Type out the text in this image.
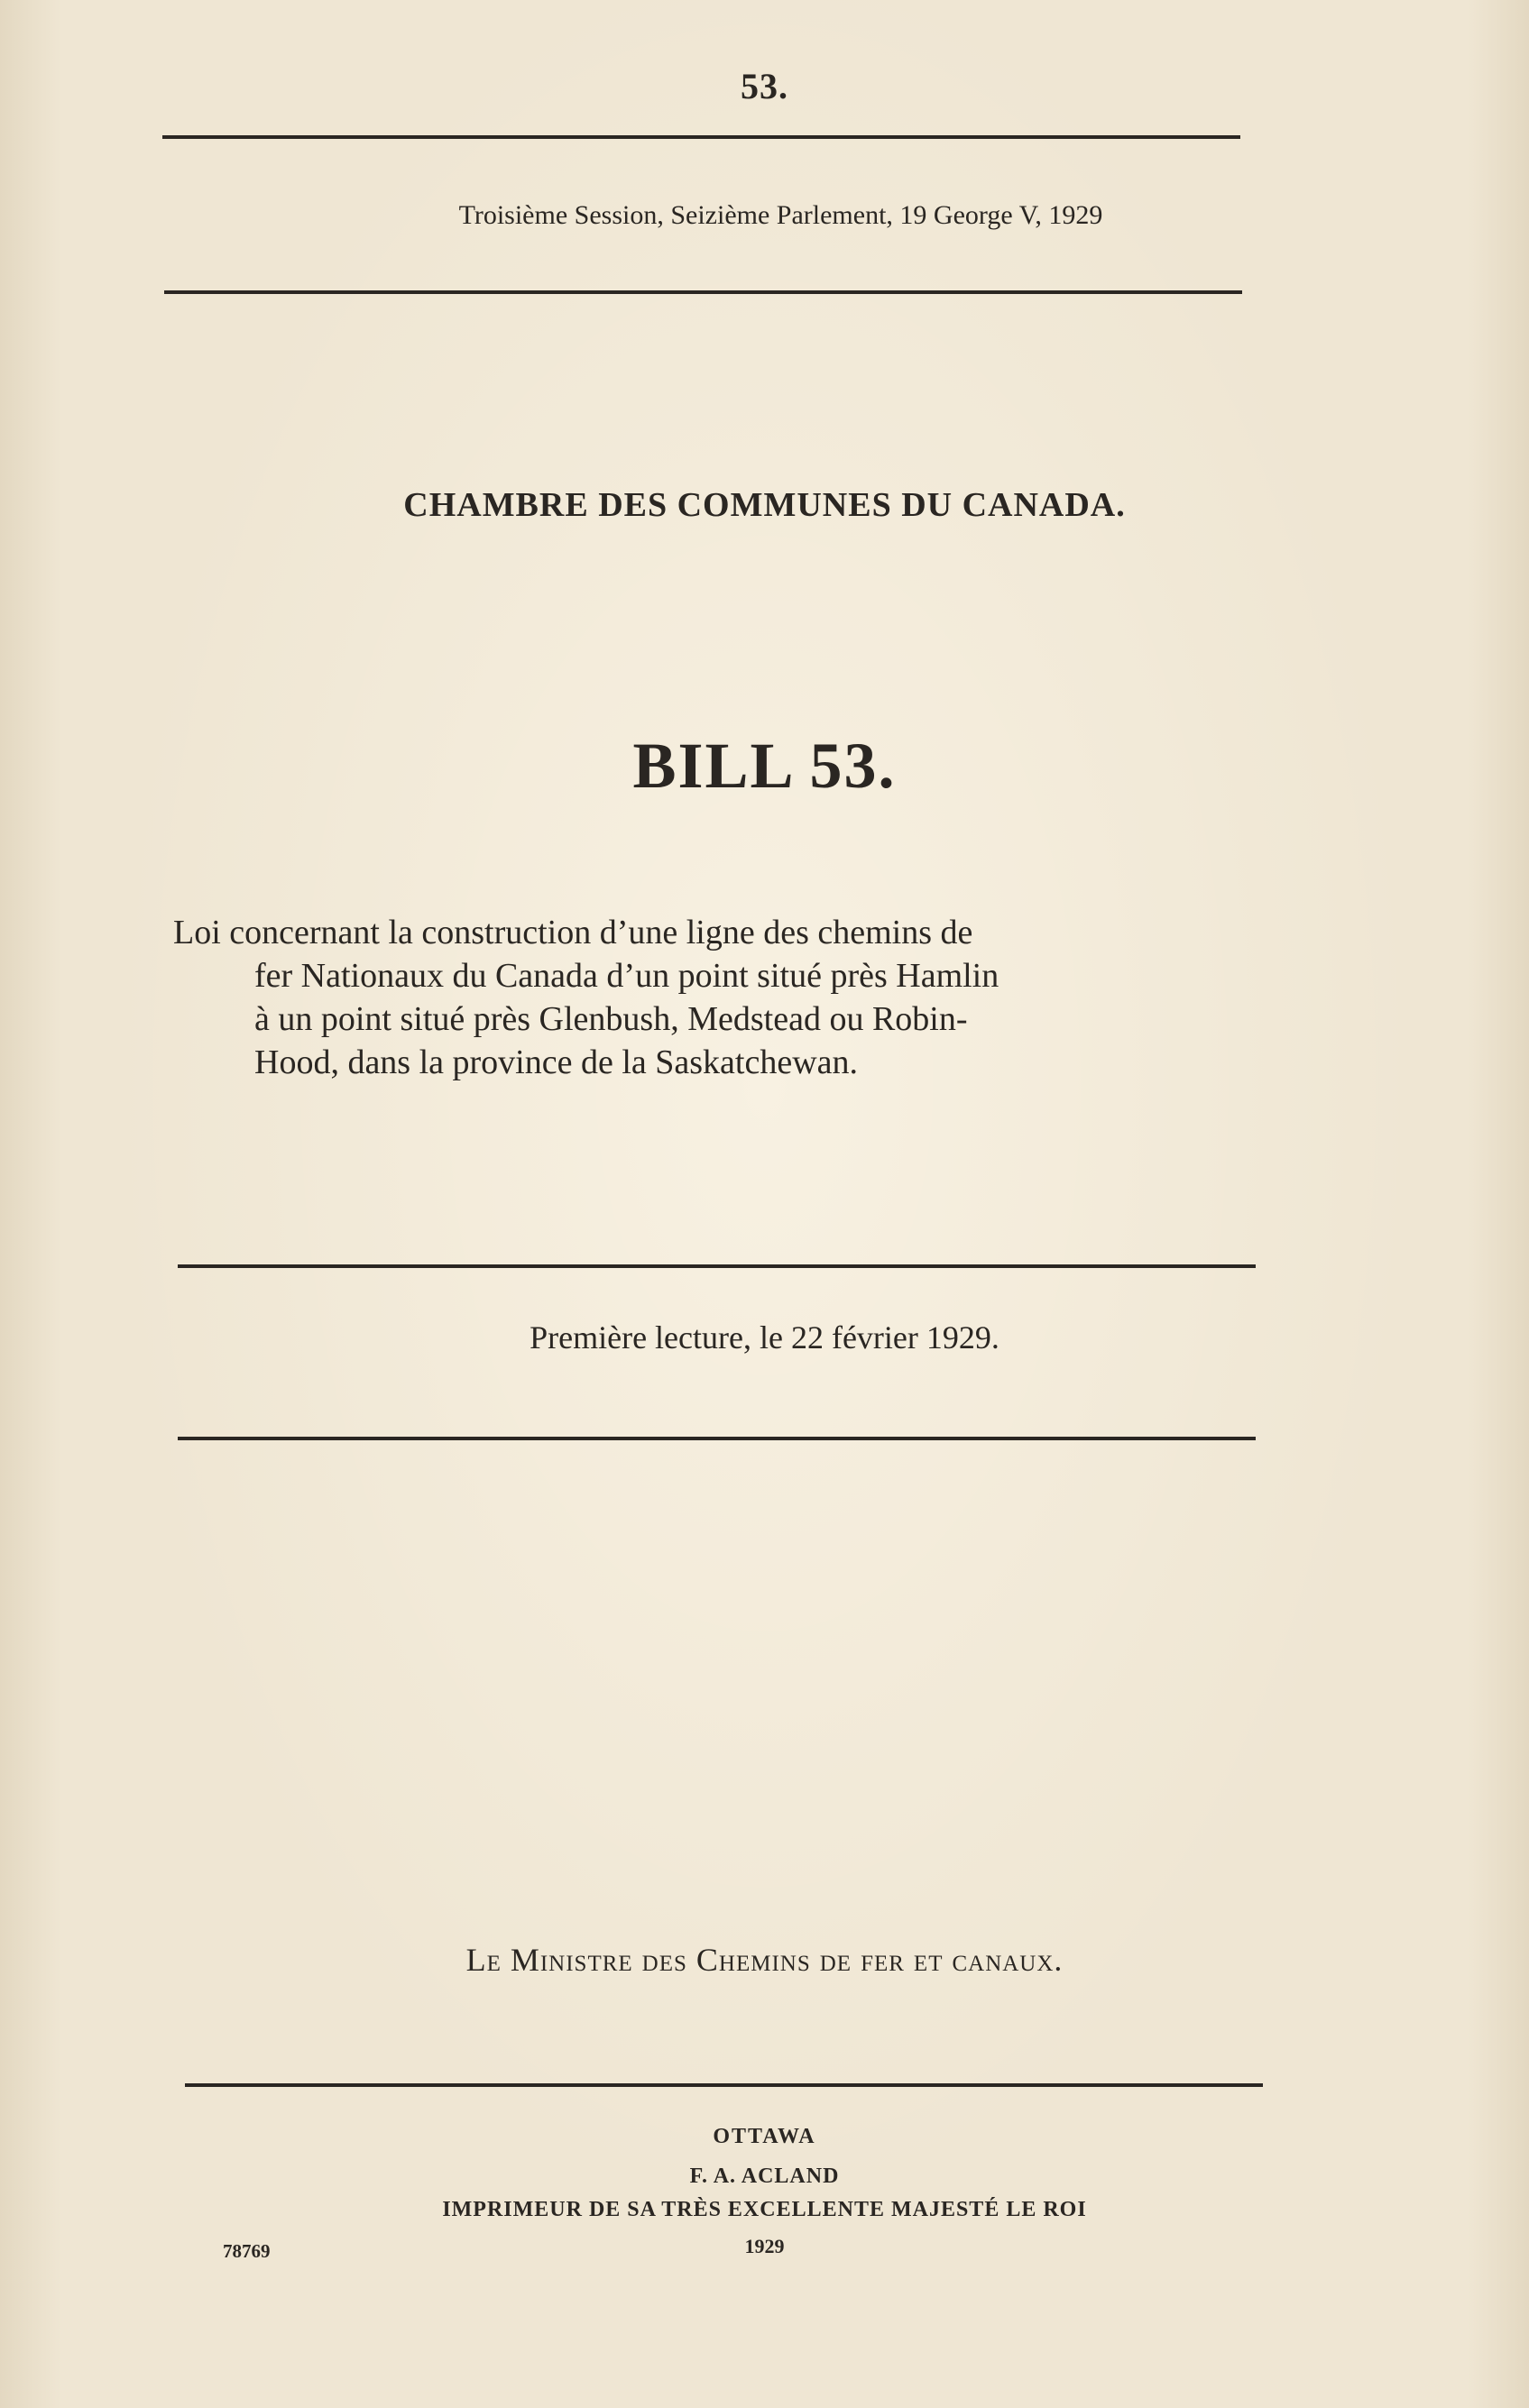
53.
Troisième Session, Seizième Parlement, 19 George V, 1929
CHAMBRE DES COMMUNES DU CANADA.
BILL 53.
Loi concernant la construction d’une ligne des chemins de
fer Nationaux du Canada d’un point situé près Hamlin
à un point situé près Glenbush, Medstead ou Robin-
Hood, dans la province de la Saskatchewan.
Première lecture, le 22 février 1929.
Le Ministre des Chemins de fer et canaux.
OTTAWA
F. A. ACLAND
IMPRIMEUR DE SA TRÈS EXCELLENTE MAJESTÉ LE ROI
1929
78769
